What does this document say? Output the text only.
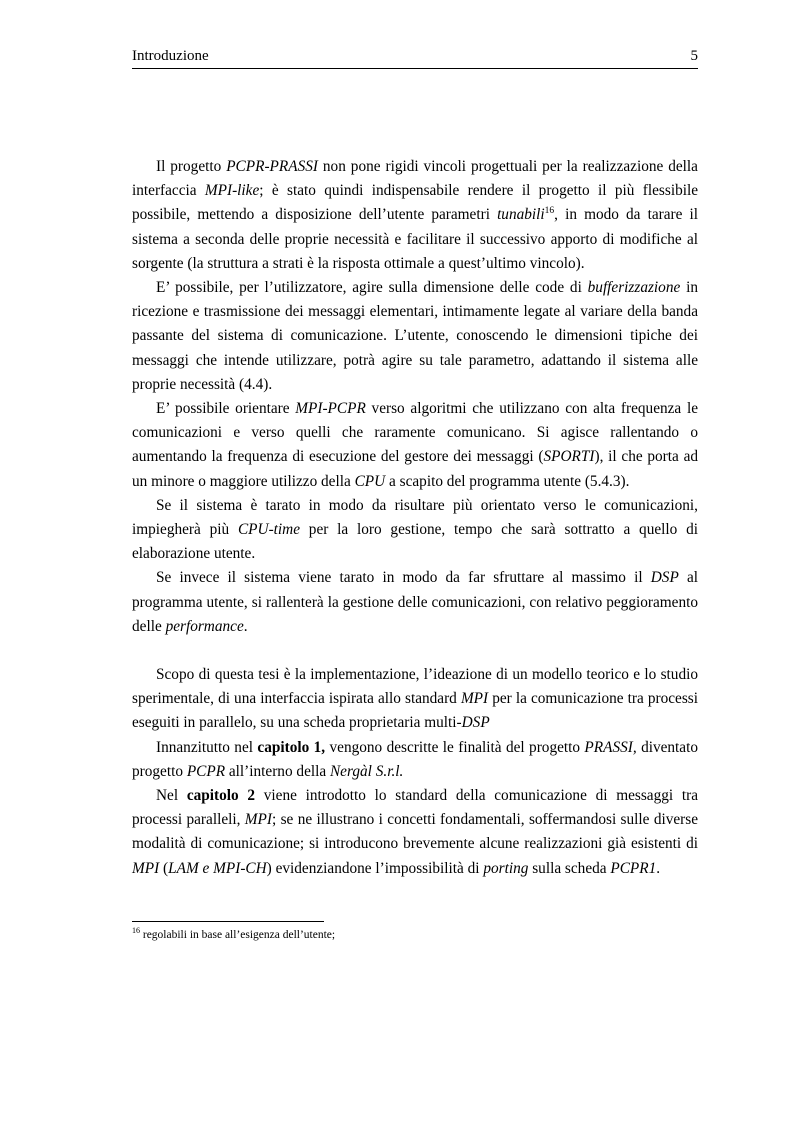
Introduzione	5

Il progetto PCPR-PRASSI non pone rigidi vincoli progettuali per la realizzazione della interfaccia MPI-like; è stato quindi indispensabile rendere il progetto il più flessibile possibile, mettendo a disposizione dell’utente parametri tunabili$^{16}$, in modo da tarare il sistema a seconda delle proprie necessità e facilitare il successivo apporto di modifiche al sorgente (la struttura a strati è la risposta ottimale a quest’ultimo vincolo).

E’ possibile, per l’utilizzatore, agire sulla dimensione delle code di bufferizzazione in ricezione e trasmissione dei messaggi elementari, intimamente legate al variare della banda passante del sistema di comunicazione. L’utente, conoscendo le dimensioni tipiche dei messaggi che intende utilizzare, potrà agire su tale parametro, adattando il sistema alle proprie necessità (4.4).

E’ possibile orientare MPI-PCPR verso algoritmi che utilizzano con alta frequenza le comunicazioni e verso quelli che raramente comunicano. Si agisce rallentando o aumentando la frequenza di esecuzione del gestore dei messaggi (SPORTI), il che porta ad un minore o maggiore utilizzo della CPU a scapito del programma utente (5.4.3).

Se il sistema è tarato in modo da risultare più orientato verso le comunicazioni, impiegherà più CPU-time per la loro gestione, tempo che sarà sottratto a quello di elaborazione utente.

Se invece il sistema viene tarato in modo da far sfruttare al massimo il DSP al programma utente, si rallenterà la gestione delle comunicazioni, con relativo peggioramento delle performance.

Scopo di questa tesi è la implementazione, l’ideazione di un modello teorico e lo studio sperimentale, di una interfaccia ispirata allo standard MPI per la comunicazione tra processi eseguiti in parallelo, su una scheda proprietaria multi-DSP

Innanzitutto nel capitolo 1, vengono descritte le finalità del progetto PRASSI, diventato progetto PCPR all’interno della Nergàl S.r.l.

Nel capitolo 2 viene introdotto lo standard della comunicazione di messaggi tra processi paralleli, MPI; se ne illustrano i concetti fondamentali, soffermandosi sulle diverse modalità di comunicazione; si introducono brevemente alcune realizzazioni già esistenti di MPI (LAM e MPI-CH) evidenziandone l’impossibilità di porting sulla scheda PCPR1.

$^{16}$ regolabili in base all’esigenza dell’utente;
